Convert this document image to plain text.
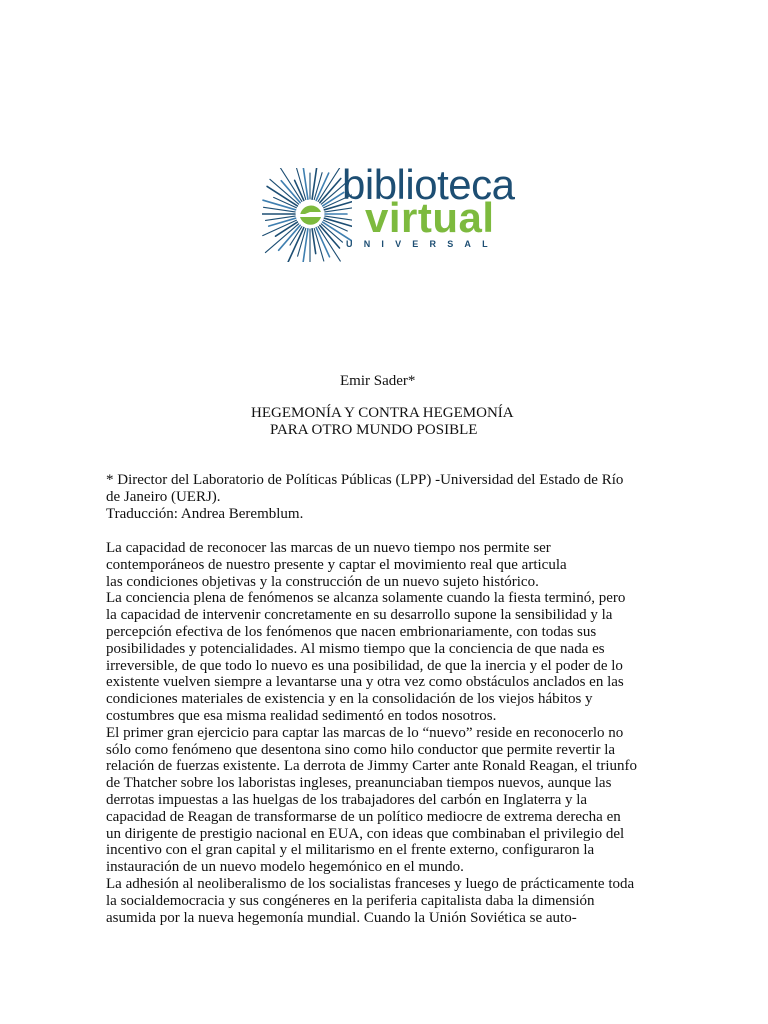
biblioteca
virtual
UNIVERSAL
Emir Sader*
HEGEMONÍA Y CONTRA HEGEMONÍA
PARA OTRO MUNDO POSIBLE
* Director del Laboratorio de Políticas Públicas (LPP) -Universidad del Estado de Río
de Janeiro (UERJ).
Traducción: Andrea Beremblum.
La capacidad de reconocer las marcas de un nuevo tiempo nos permite ser
contemporáneos de nuestro presente y captar el movimiento real que articula
las condiciones objetivas y la construcción de un nuevo sujeto histórico.
La conciencia plena de fenómenos se alcanza solamente cuando la fiesta terminó, pero
la capacidad de intervenir concretamente en su desarrollo supone la sensibilidad y la
percepción efectiva de los fenómenos que nacen embrionariamente, con todas sus
posibilidades y potencialidades. Al mismo tiempo que la conciencia de que nada es
irreversible, de que todo lo nuevo es una posibilidad, de que la inercia y el poder de lo
existente vuelven siempre a levantarse una y otra vez como obstáculos anclados en las
condiciones materiales de existencia y en la consolidación de los viejos hábitos y
costumbres que esa misma realidad sedimentó en todos nosotros.
El primer gran ejercicio para captar las marcas de lo “nuevo” reside en reconocerlo no
sólo como fenómeno que desentona sino como hilo conductor que permite revertir la
relación de fuerzas existente. La derrota de Jimmy Carter ante Ronald Reagan, el triunfo
de Thatcher sobre los laboristas ingleses, preanunciaban tiempos nuevos, aunque las
derrotas impuestas a las huelgas de los trabajadores del carbón en Inglaterra y la
capacidad de Reagan de transformarse de un político mediocre de extrema derecha en
un dirigente de prestigio nacional en EUA, con ideas que combinaban el privilegio del
incentivo con el gran capital y el militarismo en el frente externo, configuraron la
instauración de un nuevo modelo hegemónico en el mundo.
La adhesión al neoliberalismo de los socialistas franceses y luego de prácticamente toda
la socialdemocracia y sus congéneres en la periferia capitalista daba la dimensión
asumida por la nueva hegemonía mundial. Cuando la Unión Soviética se auto-
